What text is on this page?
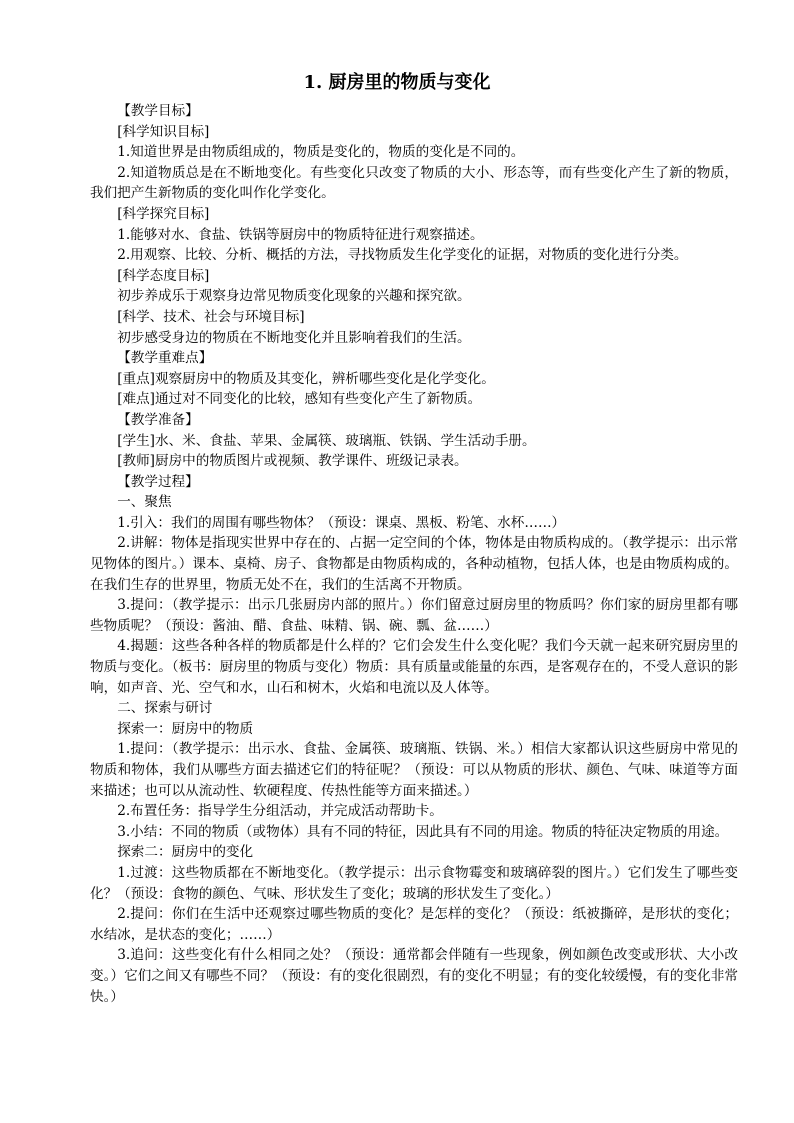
1. 厨房里的物质与变化

【教学目标】

[科学知识目标]

1.知道世界是由物质组成的，物质是变化的，物质的变化是不同的。

2.知道物质总是在不断地变化。有些变化只改变了物质的大小、形态等，而有些变化产生了新的物质，我们把产生新物质的变化叫作化学变化。

[科学探究目标]

1.能够对水、食盐、铁锅等厨房中的物质特征进行观察描述。

2.用观察、比较、分析、概括的方法，寻找物质发生化学变化的证据，对物质的变化进行分类。

[科学态度目标]

初步养成乐于观察身边常见物质变化现象的兴趣和探究欲。

[科学、技术、社会与环境目标]

初步感受身边的物质在不断地变化并且影响着我们的生活。

【教学重难点】

[重点]观察厨房中的物质及其变化，辨析哪些变化是化学变化。

[难点]通过对不同变化的比较，感知有些变化产生了新物质。

【教学准备】

[学生]水、米、食盐、苹果、金属筷、玻璃瓶、铁锅、学生活动手册。

[教师]厨房中的物质图片或视频、教学课件、班级记录表。

【教学过程】

一、聚焦

1.引入：我们的周围有哪些物体？（预设：课桌、黑板、粉笔、水杯……）

2.讲解：物体是指现实世界中存在的、占据一定空间的个体，物体是由物质构成的。（教学提示：出示常见物体的图片。）课本、桌椅、房子、食物都是由物质构成的，各种动植物，包括人体，也是由物质构成的。在我们生存的世界里，物质无处不在，我们的生活离不开物质。

3.提问：（教学提示：出示几张厨房内部的照片。）你们留意过厨房里的物质吗？你们家的厨房里都有哪些物质呢？（预设：酱油、醋、食盐、味精、锅、碗、瓢、盆……）

4.揭题：这些各种各样的物质都是什么样的？它们会发生什么变化呢？我们今天就一起来研究厨房里的物质与变化。（板书：厨房里的物质与变化）物质：具有质量或能量的东西，是客观存在的，不受人意识的影响，如声音、光、空气和水，山石和树木，火焰和电流以及人体等。

二、探索与研讨

探索一：厨房中的物质

1.提问：（教学提示：出示水、食盐、金属筷、玻璃瓶、铁锅、米。）相信大家都认识这些厨房中常见的物质和物体，我们从哪些方面去描述它们的特征呢？（预设：可以从物质的形状、颜色、气味、味道等方面来描述；也可以从流动性、软硬程度、传热性能等方面来描述。）

2.布置任务：指导学生分组活动，并完成活动帮助卡。

3.小结：不同的物质（或物体）具有不同的特征，因此具有不同的用途。物质的特征决定物质的用途。

探索二：厨房中的变化

1.过渡：这些物质都在不断地变化。（教学提示：出示食物霉变和玻璃碎裂的图片。）它们发生了哪些变化？（预设：食物的颜色、气味、形状发生了变化；玻璃的形状发生了变化。）

2.提问：你们在生活中还观察过哪些物质的变化？是怎样的变化？（预设：纸被撕碎，是形状的变化；水结冰，是状态的变化；……）

3.追问：这些变化有什么相同之处？（预设：通常都会伴随有一些现象，例如颜色改变或形状、大小改变。）它们之间又有哪些不同？（预设：有的变化很剧烈，有的变化不明显；有的变化较缓慢，有的变化非常快。）
